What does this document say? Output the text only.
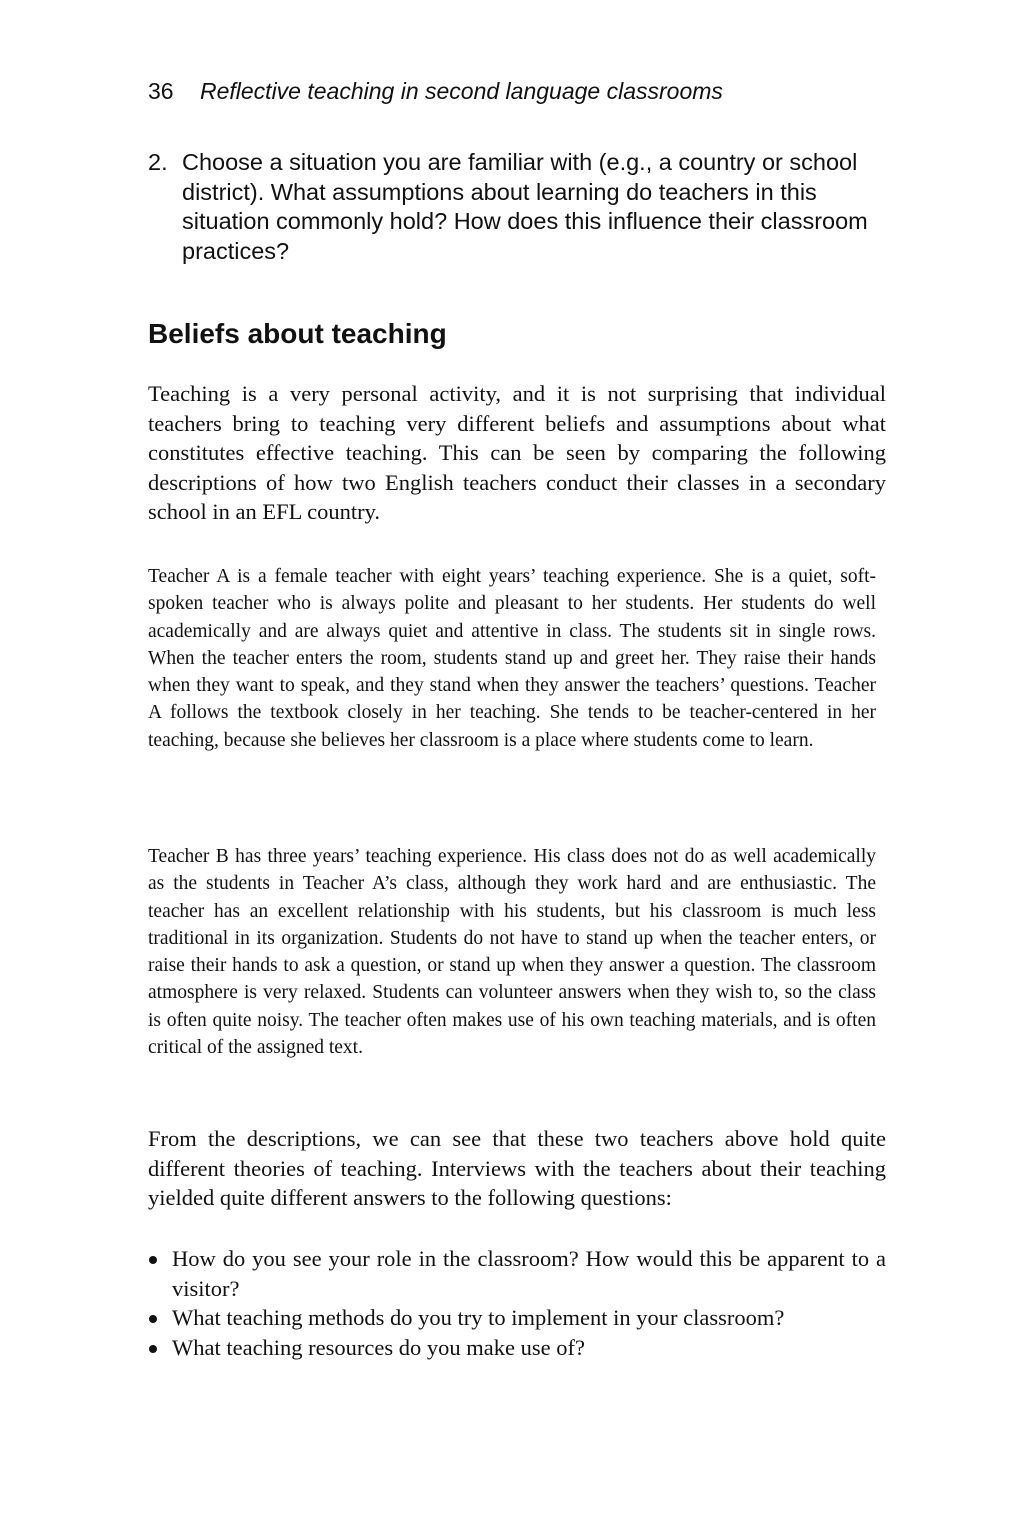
36 Reflective teaching in second language classrooms
2. Choose a situation you are familiar with (e.g., a country or school district). What assumptions about learning do teachers in this situation commonly hold? How does this influence their classroom practices?
Beliefs about teaching

Teaching is a very personal activity, and it is not surprising that individual teachers bring to teaching very different beliefs and assumptions about what constitutes effective teaching. This can be seen by comparing the following descriptions of how two English teachers conduct their classes in a secondary school in an EFL country.

Teacher A is a female teacher with eight years’ teaching experience. She is a quiet, soft-spoken teacher who is always polite and pleasant to her students. Her students do well academically and are always quiet and attentive in class. The students sit in single rows. When the teacher enters the room, students stand up and greet her. They raise their hands when they want to speak, and they stand when they answer the teachers’ questions. Teacher A follows the textbook closely in her teaching. She tends to be teacher-centered in her teaching, because she believes her classroom is a place where students come to learn.

Teacher B has three years’ teaching experience. His class does not do as well academically as the students in Teacher A’s class, although they work hard and are enthusiastic. The teacher has an excellent relationship with his students, but his classroom is much less traditional in its organization. Students do not have to stand up when the teacher enters, or raise their hands to ask a question, or stand up when they answer a question. The classroom atmosphere is very relaxed. Students can volunteer answers when they wish to, so the class is often quite noisy. The teacher often makes use of his own teaching materials, and is often critical of the assigned text.

From the descriptions, we can see that these two teachers above hold quite different theories of teaching. Interviews with the teachers about their teaching yielded quite different answers to the following questions:

How do you see your role in the classroom? How would this be apparent to a visitor?
What teaching methods do you try to implement in your classroom?
What teaching resources do you make use of?
